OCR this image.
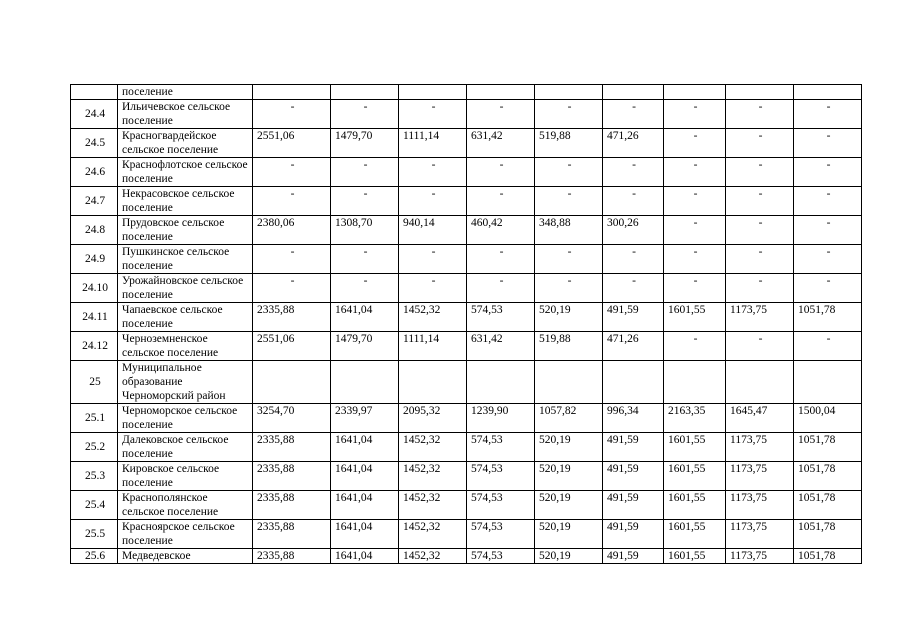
	поселение									
24.4	Ильичевское сельское поселение	-	-	-	-	-	-	-	-	-
24.5	Красногвардейское сельское поселение	2551,06	1479,70	1111,14	631,42	519,88	471,26	-	-	-
24.6	Краснофлотское сельское поселение	-	-	-	-	-	-	-	-	-
24.7	Некрасовское сельское поселение	-	-	-	-	-	-	-	-	-
24.8	Прудовское сельское поселение	2380,06	1308,70	940,14	460,42	348,88	300,26	-	-	-
24.9	Пушкинское сельское поселение	-	-	-	-	-	-	-	-	-
24.10	Урожайновское сельское поселение	-	-	-	-	-	-	-	-	-
24.11	Чапаевское сельское поселение	2335,88	1641,04	1452,32	574,53	520,19	491,59	1601,55	1173,75	1051,78
24.12	Черноземненское сельское поселение	2551,06	1479,70	1111,14	631,42	519,88	471,26	-	-	-
25	Муниципальное образование Черноморский район									
25.1	Черноморское сельское поселение	3254,70	2339,97	2095,32	1239,90	1057,82	996,34	2163,35	1645,47	1500,04
25.2	Далековское сельское поселение	2335,88	1641,04	1452,32	574,53	520,19	491,59	1601,55	1173,75	1051,78
25.3	Кировское сельское поселение	2335,88	1641,04	1452,32	574,53	520,19	491,59	1601,55	1173,75	1051,78
25.4	Краснополянское сельское поселение	2335,88	1641,04	1452,32	574,53	520,19	491,59	1601,55	1173,75	1051,78
25.5	Красноярское сельское поселение	2335,88	1641,04	1452,32	574,53	520,19	491,59	1601,55	1173,75	1051,78
25.6	Медведевское	2335,88	1641,04	1452,32	574,53	520,19	491,59	1601,55	1173,75	1051,78
